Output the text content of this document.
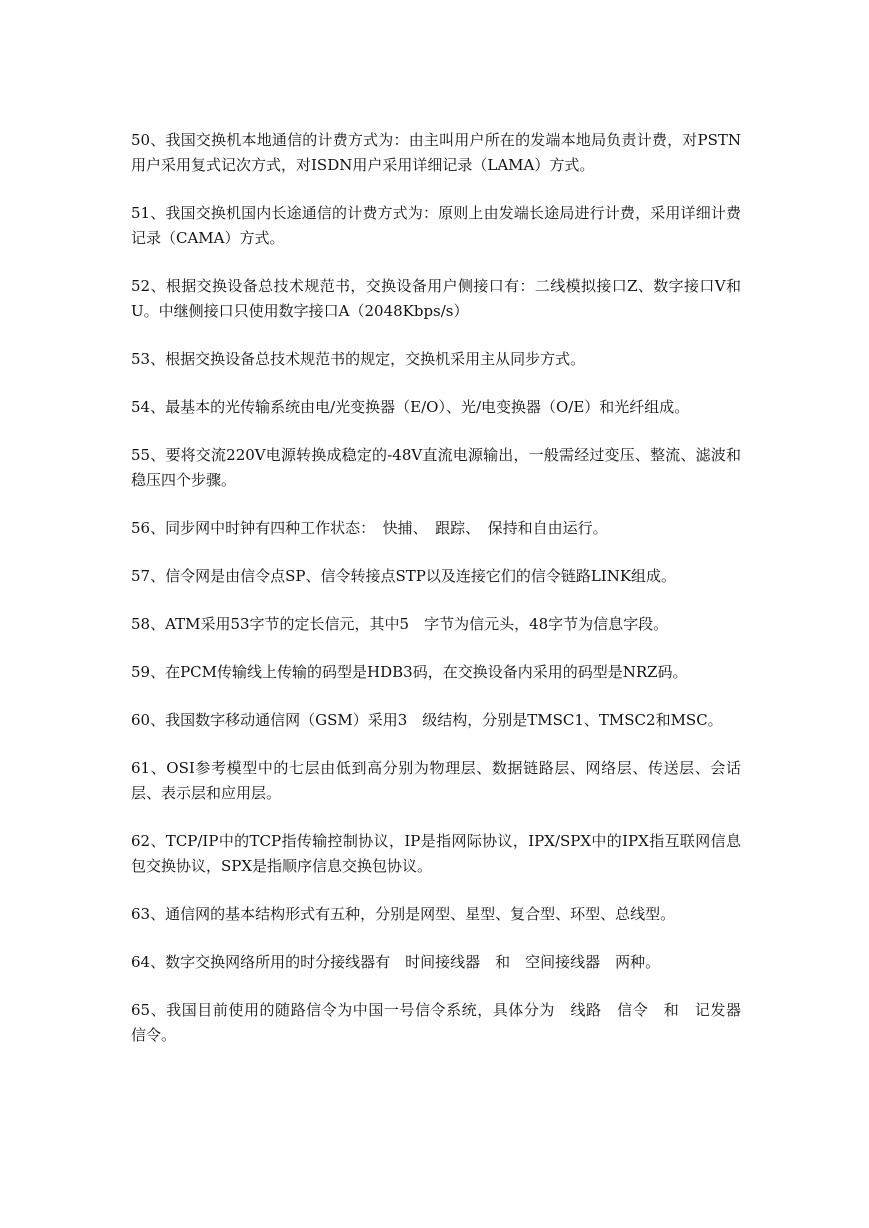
50、我国交换机本地通信的计费方式为：由主叫用户所在的发端本地局负责计费，对PSTN用户采用复式记次方式，对ISDN用户采用详细记录（LAMA）方式。

51、我国交换机国内长途通信的计费方式为：原则上由发端长途局进行计费，采用详细计费记录（CAMA）方式。

52、根据交换设备总技术规范书，交换设备用户侧接口有：二线模拟接口Z、数字接口V和U。中继侧接口只使用数字接口A（2048Kbps/s）

53、根据交换设备总技术规范书的规定，交换机采用主从同步方式。

54、最基本的光传输系统由电/光变换器（E/O）、光/电变换器（O/E）和光纤组成。

55、要将交流220V电源转换成稳定的-48V直流电源输出，一般需经过变压、整流、滤波和稳压四个步骤。

56、同步网中时钟有四种工作状态：　快捕、　跟踪、　保持和自由运行。

57、信令网是由信令点SP、信令转接点STP以及连接它们的信令链路LINK组成。

58、ATM采用53字节的定长信元，其中5　字节为信元头，48字节为信息字段。

59、在PCM传输线上传输的码型是HDB3码，在交换设备内采用的码型是NRZ码。

60、我国数字移动通信网（GSM）采用3　级结构，分别是TMSC1、TMSC2和MSC。

61、OSI参考模型中的七层由低到高分别为物理层、数据链路层、网络层、传送层、会话层、表示层和应用层。

62、TCP/IP中的TCP指传输控制协议，IP是指网际协议，IPX/SPX中的IPX指互联网信息包交换协议，SPX是指顺序信息交换包协议。

63、通信网的基本结构形式有五种，分别是网型、星型、复合型、环型、总线型。

64、数字交换网络所用的时分接线器有　时间接线器　和　空间接线器　两种。

65、我国目前使用的随路信令为中国一号信令系统，具体分为　线路　信令　和　记发器　信令。
